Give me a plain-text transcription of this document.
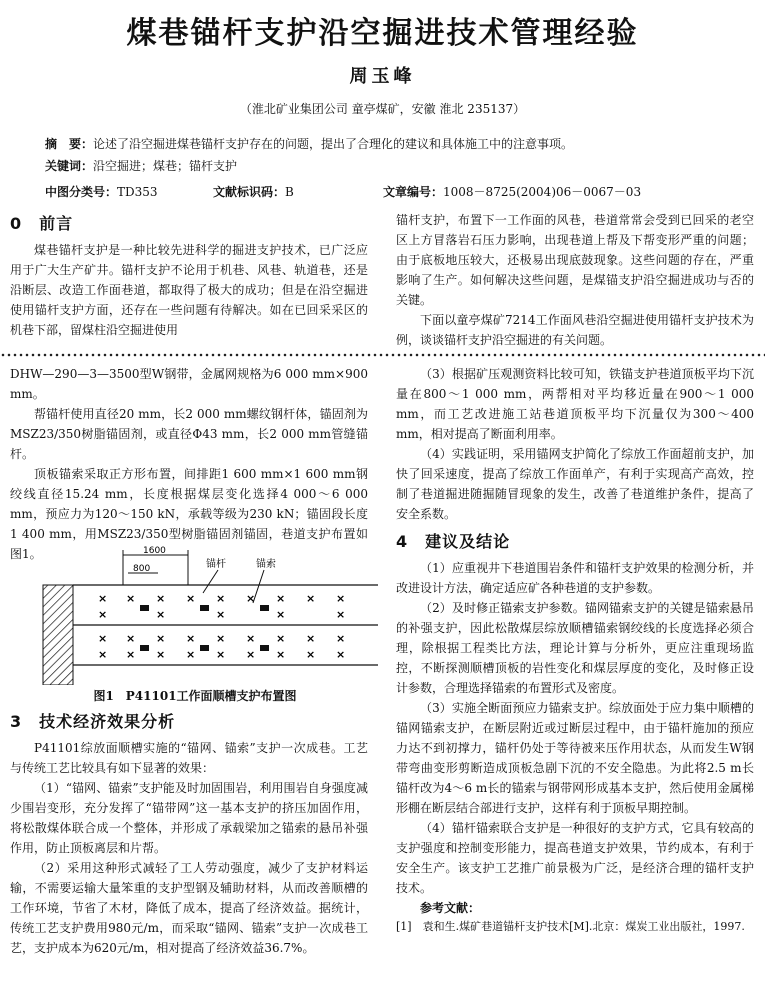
煤巷锚杆支护沿空掘进技术管理经验
周玉峰
（淮北矿业集团公司 童亭煤矿，安徽 淮北 235137）
摘　要：论述了沿空掘进煤巷锚杆支护存在的问题，提出了合理化的建议和具体施工中的注意事项。
关键词：沿空掘进；煤巷；锚杆支护
中图分类号：TD353	文献标识码：B	文章编号：1008－8725(2004)06－0067－03
0　前言

煤巷锚杆支护是一种比较先进科学的掘进支护技术，已广泛应用于广大生产矿井。锚杆支护不论用于机巷、风巷、轨道巷，还是沿断层、改造工作面巷道，都取得了极大的成功；但是在沿空掘进使用锚杆支护方面，还存在一些问题有待解决。如在已回采采区的机巷下部，留煤柱沿空掘进使用

锚杆支护，布置下一工作面的风巷，巷道常常会受到已回采的老空区上方冒落岩石压力影响，出现巷道上帮及下帮变形严重的问题；由于底板地压较大，还极易出现底鼓现象。这些问题的存在，严重影响了生产。如何解决这些问题，是煤锚支护沿空掘进成功与否的关键。

下面以童亭煤矿7214工作面风巷沿空掘进使用锚杆支护技术为例，谈谈锚杆支护沿空掘进的有关问题。

DHW—290—3—3500型W钢带，金属网规格为6 000 mm×900 mm。

帮锚杆使用直径20 mm，长2 000 mm螺纹钢杆体，锚固剂为MSZ23/350树脂锚固剂，或直径Φ43 mm，长2 000 mm管缝锚杆。

顶板锚索采取正方形布置，间排距1 600 mm×1 600 mm钢绞线直径15.24 mm，长度根据煤层变化选择4 000～6 000 mm，预应力为120～150 kN，承载等级为230 kN；锚固段长度1 400 mm，用MSZ23/350型树脂锚固剂锚固，巷道支护布置如图1。	1600
800	锚杆	锚索
× × × × × × × × ×
×	×	×	×	×
× × × × × × × × ×
× × × × × × × × ×
图1　P41101工作面顺槽支护布置图
3　技术经济效果分析

P41101综放面顺槽实施的“锚网、锚索”支护一次成巷。工艺与传统工艺比较具有如下显著的效果：

（1）“锚网、锚索”支护能及时加固围岩，利用围岩自身强度减少围岩变形，充分发挥了“锚带网”这一基本支护的挤压加固作用，将松散煤体联合成一个整体，并形成了承载梁加之锚索的悬吊补强作用，防止顶板离层和片帮。

（2）采用这种形式减轻了工人劳动强度，减少了支护材料运输，不需要运输大量笨重的支护型钢及辅助材料，从而改善顺槽的工作环境，节省了木材，降低了成本，提高了经济效益。据统计，传统工艺支护费用980元/m，而采取“锚网、锚索”支护一次成巷工艺，支护成本为620元/m，相对提高了经济效益36.7%。

（3）根据矿压观测资料比较可知，铁锚支护巷道顶板平均下沉量在800～1 000 mm，两帮相对平均移近量在900～1 000 mm，而工艺改进施工站巷道顶板平均下沉量仅为300～400 mm，相对提高了断面利用率。

（4）实践证明，采用锚网支护简化了综放工作面超前支护，加快了回采速度，提高了综放工作面单产，有利于实现高产高效，控制了巷道掘进随掘随冒现象的发生，改善了巷道维护条件，提高了安全系数。

4　建议及结论

（1）应重视井下巷道围岩条件和锚杆支护效果的检测分析，并改进设计方法，确定适应矿各种巷道的支护参数。

（2）及时修正锚索支护参数。锚网锚索支护的关键是锚索悬吊的补强支护，因此松散煤层综放顺槽锚索钢绞线的长度选择必须合理，除根据工程类比方法，理论计算与分析外，更应注重现场监控，不断探测顺槽顶板的岩性变化和煤层厚度的变化，及时修正设计参数，合理选择锚索的布置形式及密度。

（3）实施全断面预应力锚索支护。综放面处于应力集中顺槽的锚网锚索支护，在断层附近或过断层过程中，由于锚杆施加的预应力达不到初撑力，锚杆仍处于等待被来压作用状态，从而发生W钢带弯曲变形剪断造成顶板急剧下沉的不安全隐患。为此将2.5 m长锚杆改为4～6 m长的锚索与钢带网形成基本支护，然后使用金属梯形棚在断层结合部进行支护，这样有利于顶板早期控制。

（4）锚杆锚索联合支护是一种很好的支护方式，它具有较高的支护强度和控制变形能力，提高巷道支护效果，节约成本，有利于安全生产。该支护工艺推广前景极为广泛，是经济合理的锚杆支护技术。

参考文献：

[1]　袁和生.煤矿巷道锚杆支护技术[M].北京：煤炭工业出版社，1997.
